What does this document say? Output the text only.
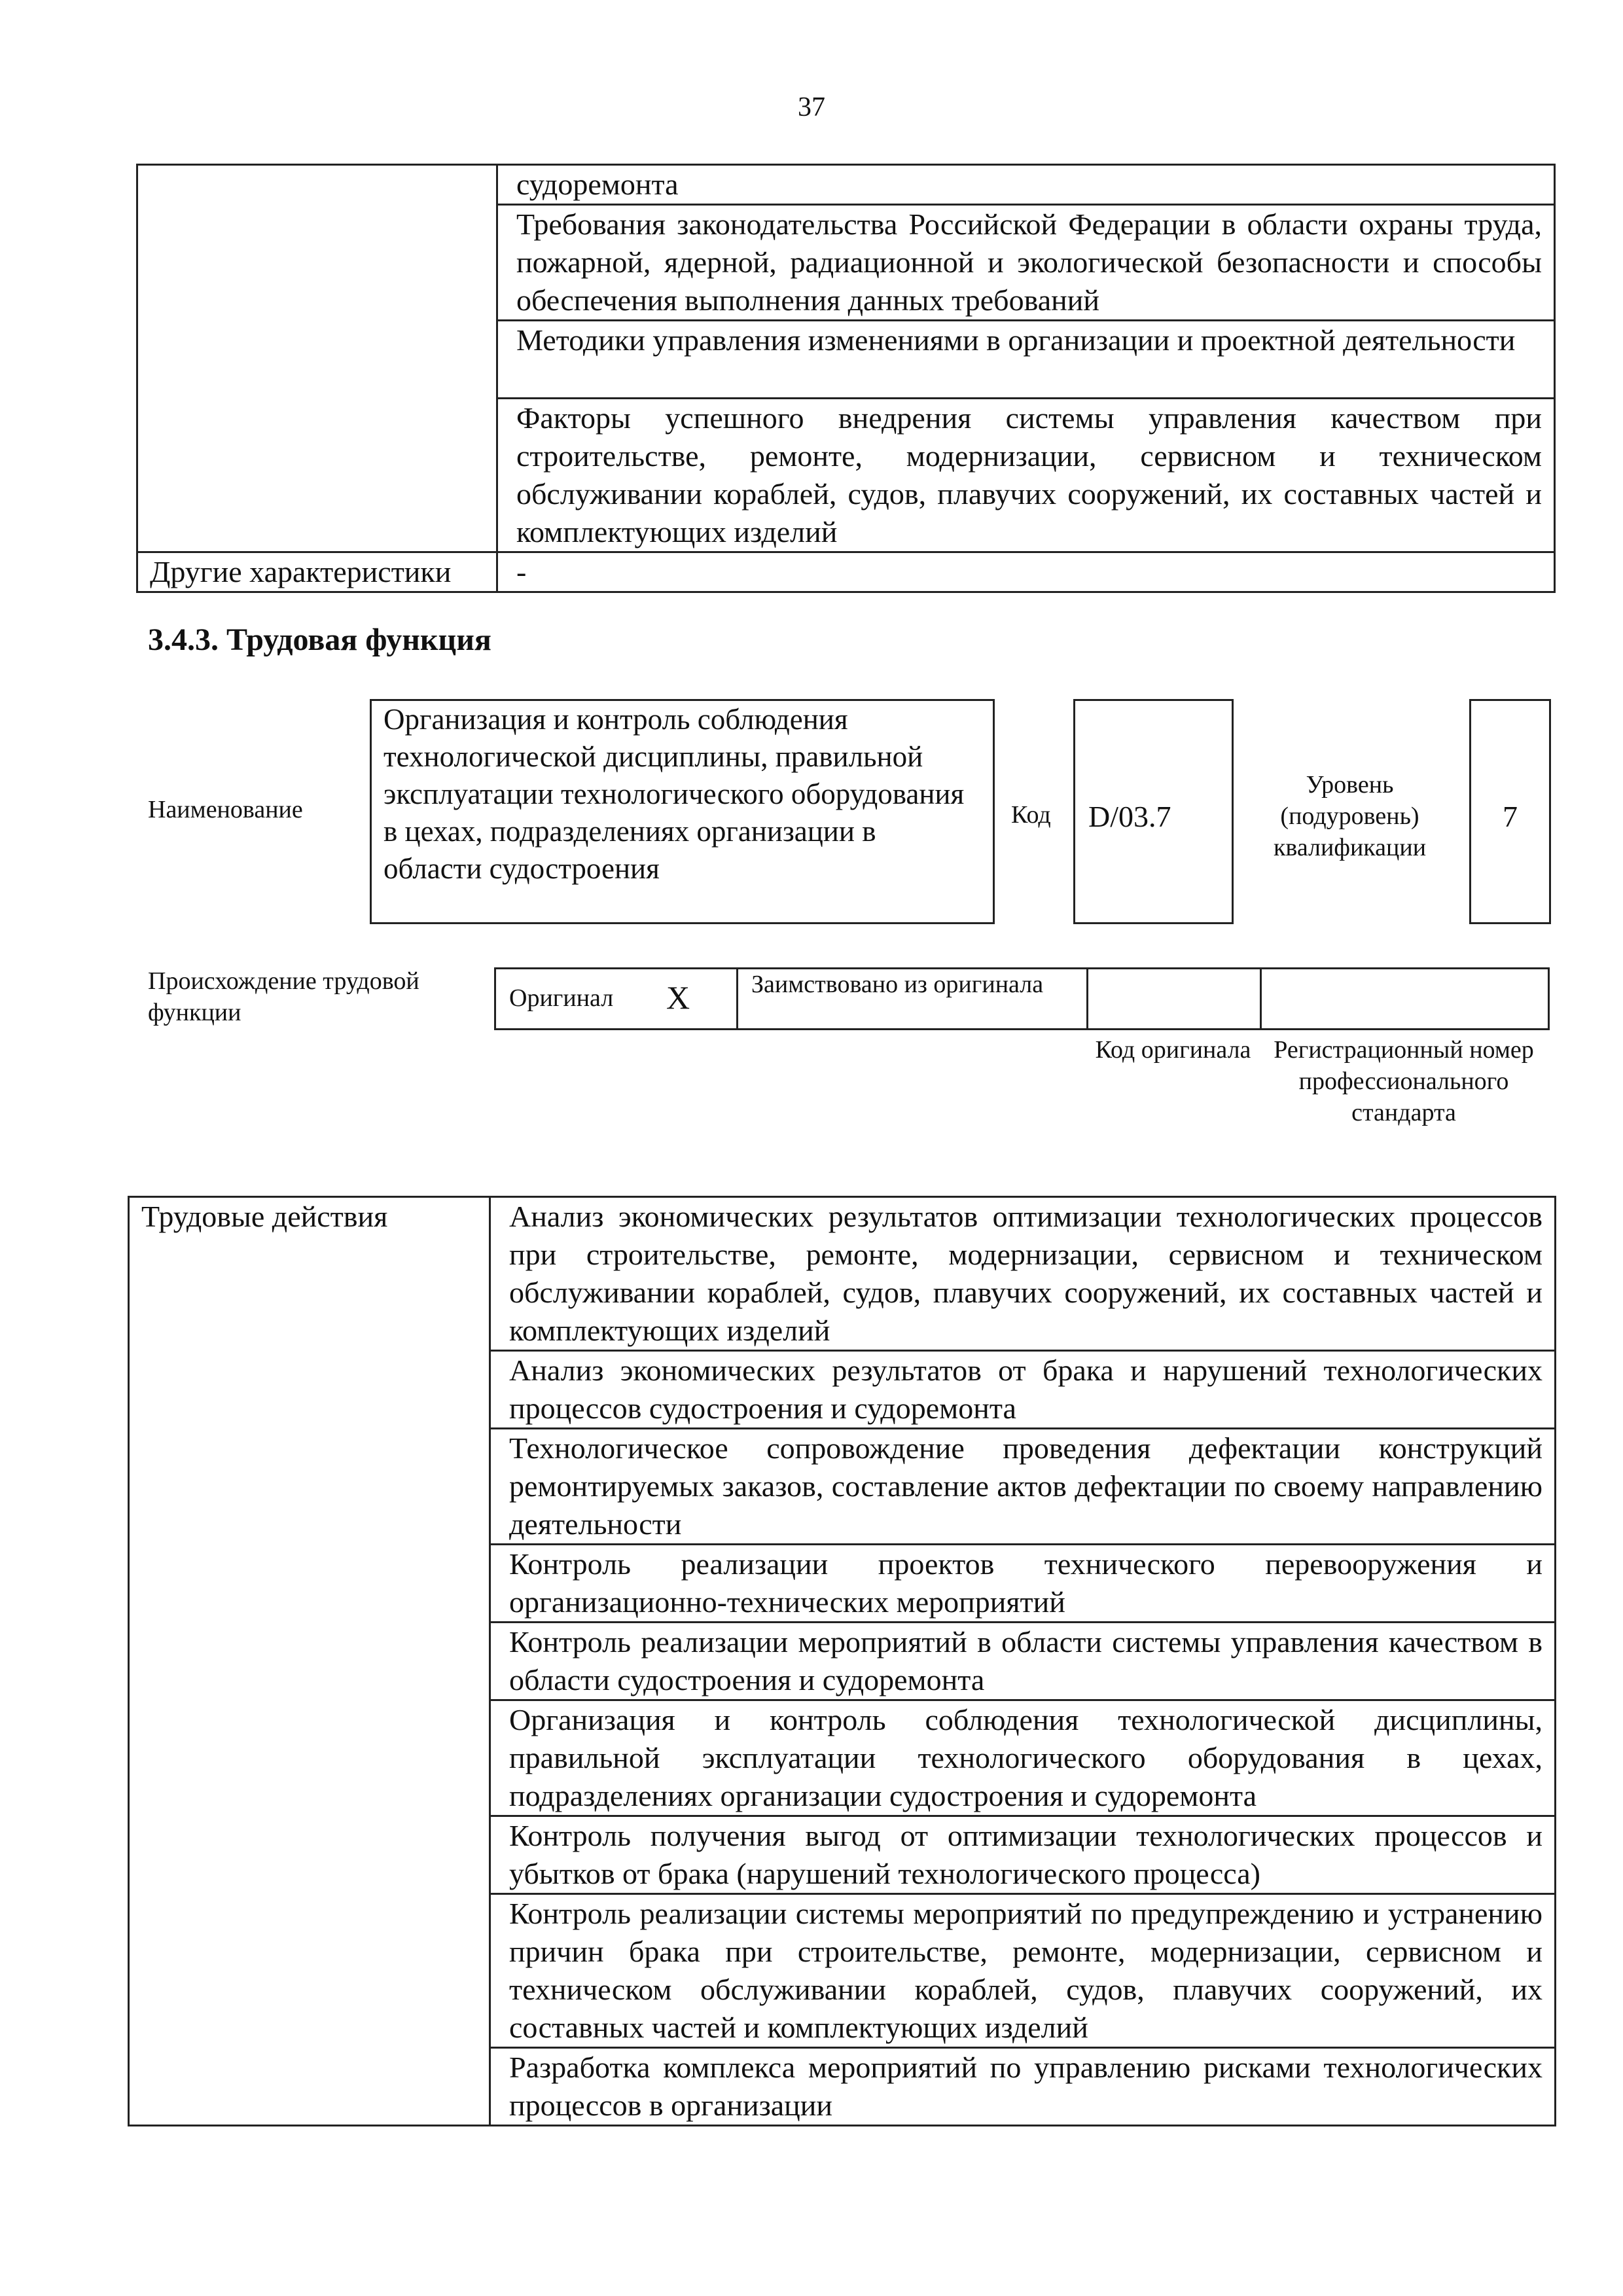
37
	судоремонта
	Требования законодательства Российской Федерации в области охраны труда, пожарной, ядерной, радиационной и экологической безопасности и способы обеспечения выполнения данных требований
	Методики управления изменениями в организации и проектной деятельности
	Факторы успешного внедрения системы управления качеством при строительстве, ремонте, модернизации, сервисном и техническом обслуживании кораблей, судов, плавучих сооружений, их составных частей и комплектующих изделий
Другие характеристики	-
3.4.3. Трудовая функция
Наименование
Организация и контроль соблюдения технологической дисциплины, правильной эксплуатации технологического оборудования в цехах, подразделениях организации в области судостроения
Код	D/03.7
Уровень (подуровень) квалификации
7
Происхождение трудовой функции
Оригинал X	Заимствовано из оригинала		
Код оригинала Регистрационный номер профессионального стандарта
Трудовые действия	Анализ экономических результатов оптимизации технологических процессов при строительстве, ремонте, модернизации, сервисном и техническом обслуживании кораблей, судов, плавучих сооружений, их составных частей и комплектующих изделий
Анализ экономических результатов от брака и нарушений технологических процессов судостроения и судоремонта
Технологическое сопровождение проведения дефектации конструкций ремонтируемых заказов, составление актов дефектации по своему направлению деятельности
Контроль реализации проектов технического перевооружения и организационно-технических мероприятий
Контроль реализации мероприятий в области системы управления качеством в области судостроения и судоремонта
Организация и контроль соблюдения технологической дисциплины, правильной эксплуатации технологического оборудования в цехах, подразделениях организации судостроения и судоремонта
Контроль получения выгод от оптимизации технологических процессов и убытков от брака (нарушений технологического процесса)
Контроль реализации системы мероприятий по предупреждению и устранению причин брака при строительстве, ремонте, модернизации, сервисном и техническом обслуживании кораблей, судов, плавучих сооружений, их составных частей и комплектующих изделий
Разработка комплекса мероприятий по управлению рисками технологических процессов в организации
